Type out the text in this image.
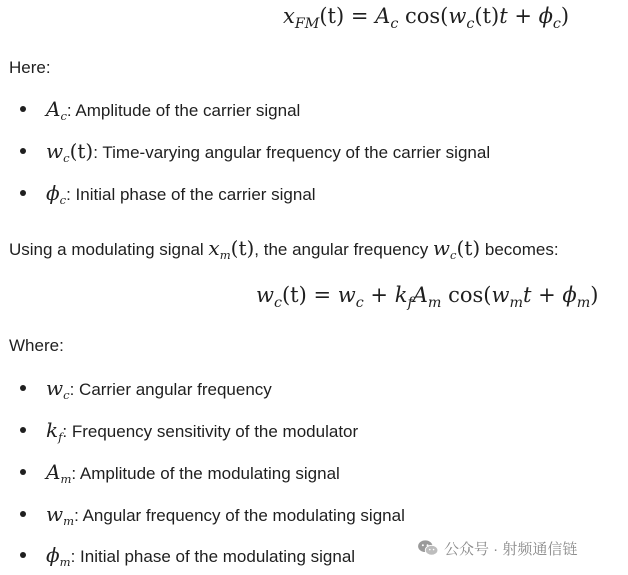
$x_{FM}(t) = A_c$ $\cos(w_c(t)t + \phi_c)$
Here:
$A_c$: Amplitude of the carrier signal
$w_c(t)$: Time-varying angular frequency of the carrier signal
$\phi_c$: Initial phase of the carrier signal
Using a modulating signal $x_m(t)$, the angular frequency $w_c(t)$ becomes:
$w_c(t) = w_c + k_fA_m$ $\cos(w_mt + \phi_m)$
Where:
$w_c$: Carrier angular frequency
$k_f$: Frequency sensitivity of the modulator
$A_m$: Amplitude of the modulating signal
$w_m$: Angular frequency of the modulating signal
$\phi_m$: Initial phase of the modulating signal	公众号 · 射频通信链
